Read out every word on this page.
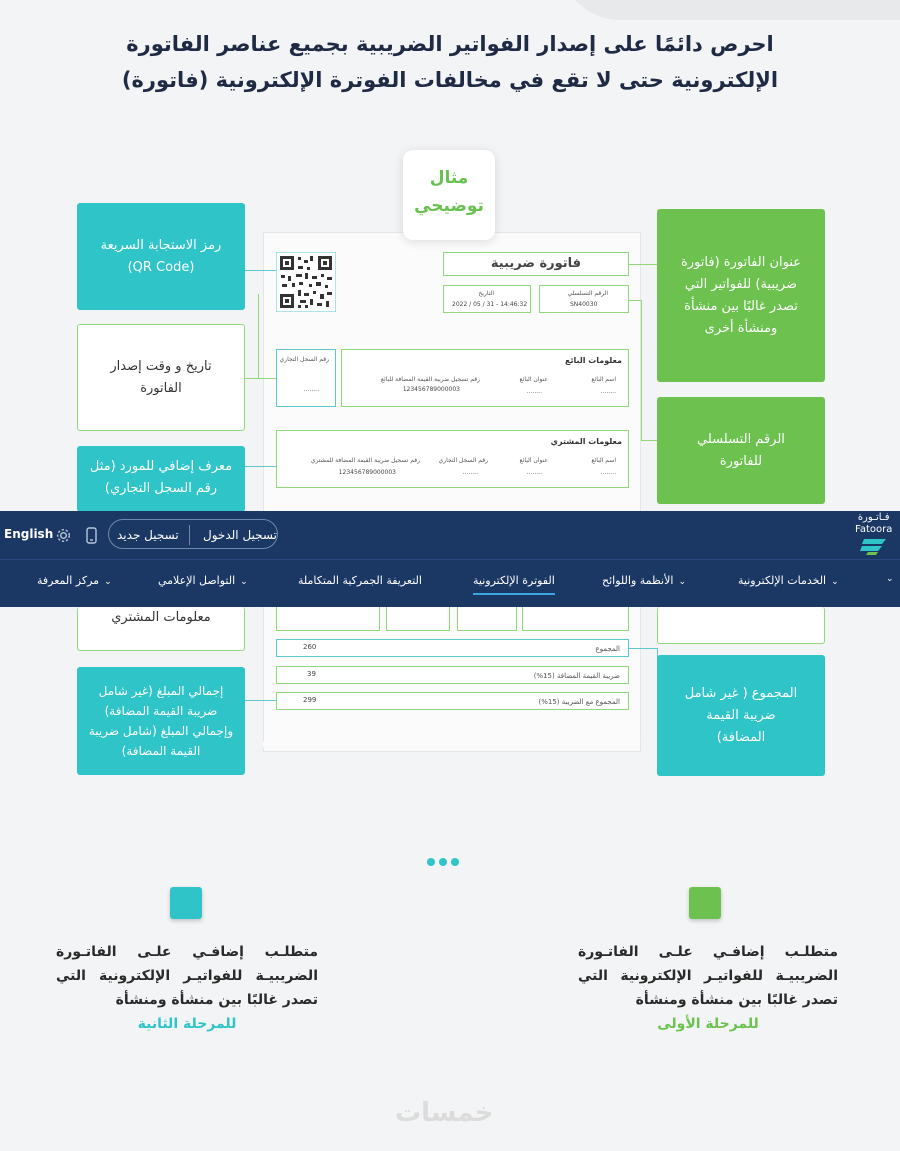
احرص دائمًا على إصدار الفواتير الضريبية بجميع عناصر الفاتورة
الإلكترونية حتى لا تقع في مخالفات الفوترة الإلكترونية (فاتورة)
مثال
توضيحي
فاتورة ضريبية
التاريخ
2022 / 05 / 31 - 14:46:32
الرقم التسلسلي
SN40030
رقم السجل التجاري
........
معلومات البائع
اسم البائع
........
عنوان البائع
........
رقم تسجيل ضريبة القيمة المضافة للبائع
123456789000003
معلومات المشتري
اسم البائع
........
عنوان البائع
........
رقم السجل التجاري
........
رقم تسجيل ضريبة القيمة المضافة للمشتري
123456789000003
المجموع
260
ضريبة القيمة المضافة (15%)
39
المجموع مع الضريبة (15%)
299
رمز الاستجابة السريعة (QR Code)
تاريخ و وقت إصدار الفاتورة
معرف إضافي للمورد (مثل رقم السجل التجاري)
معلومات المشتري
إجمالي المبلغ (غير شامل ضريبة القيمة المضافة) وإجمالي المبلغ (شامل ضريبة القيمة المضافة)
عنوان الفاتورة (فاتورة ضريبية) للفواتير التي تصدر غالبًا بين منشأة ومنشأة أخرى
الرقم التسلسلي للفاتورة
المجموع ( غير شامل ضريبة القيمة المضافة)
English	تسجيل جديد تسجيل الدخول
فـاتـورة
Fatoora
⌄مركز المعرفة	⌄التواصل الإعلامي	التعريفة الجمركية المتكاملة	الفوترة الإلكترونية	⌄الأنظمة واللوائح	⌄الخدمات الإلكترونية	⌄
متطلـب إضافـي علـى الفاتـورة الضريبيـة للفواتيـر الإلكترونية التي تصدر غالبًا بين منشأة ومنشأة
للمرحلة الأولى
متطلـب إضافـي علـى الفاتـورة الضريبيـة للفواتيـر الإلكترونية التي تصدر غالبًا بين منشأة ومنشأة
للمرحلة الثانية
خمسات
